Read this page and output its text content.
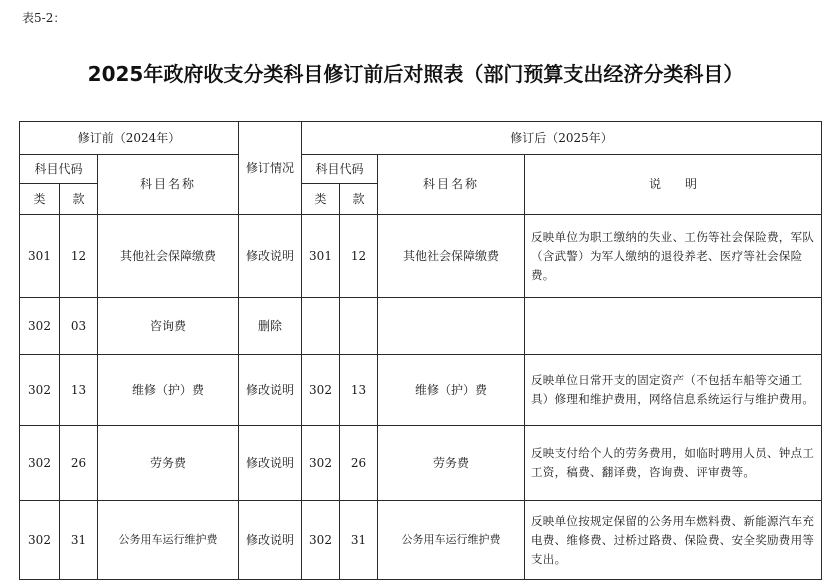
表5-2：
2025年政府收支分类科目修订前后对照表（部门预算支出经济分类科目）
修订前（2024年）			修订情况	修订后（2025年）			
科目代码		科目名称		科目代码		科目名称	说　　明
类	款			类	款		
301	12	其他社会保障缴费	修改说明	301	12	其他社会保障缴费	反映单位为职工缴纳的失业、工伤等社会保险费，军队（含武警）为军人缴纳的退役养老、医疗等社会保险费。
302	03	咨询费	删除				
302	13	维修（护）费	修改说明	302	13	维修（护）费	反映单位日常开支的固定资产（不包括车船等交通工具）修理和维护费用，网络信息系统运行与维护费用。
302	26	劳务费	修改说明	302	26	劳务费	反映支付给个人的劳务费用，如临时聘用人员、钟点工工资，稿费、翻译费，咨询费、评审费等。
302	31	公务用车运行维护费	修改说明	302	31	公务用车运行维护费	反映单位按规定保留的公务用车燃料费、新能源汽车充电费、维修费、过桥过路费、保险费、安全奖励费用等支出。
